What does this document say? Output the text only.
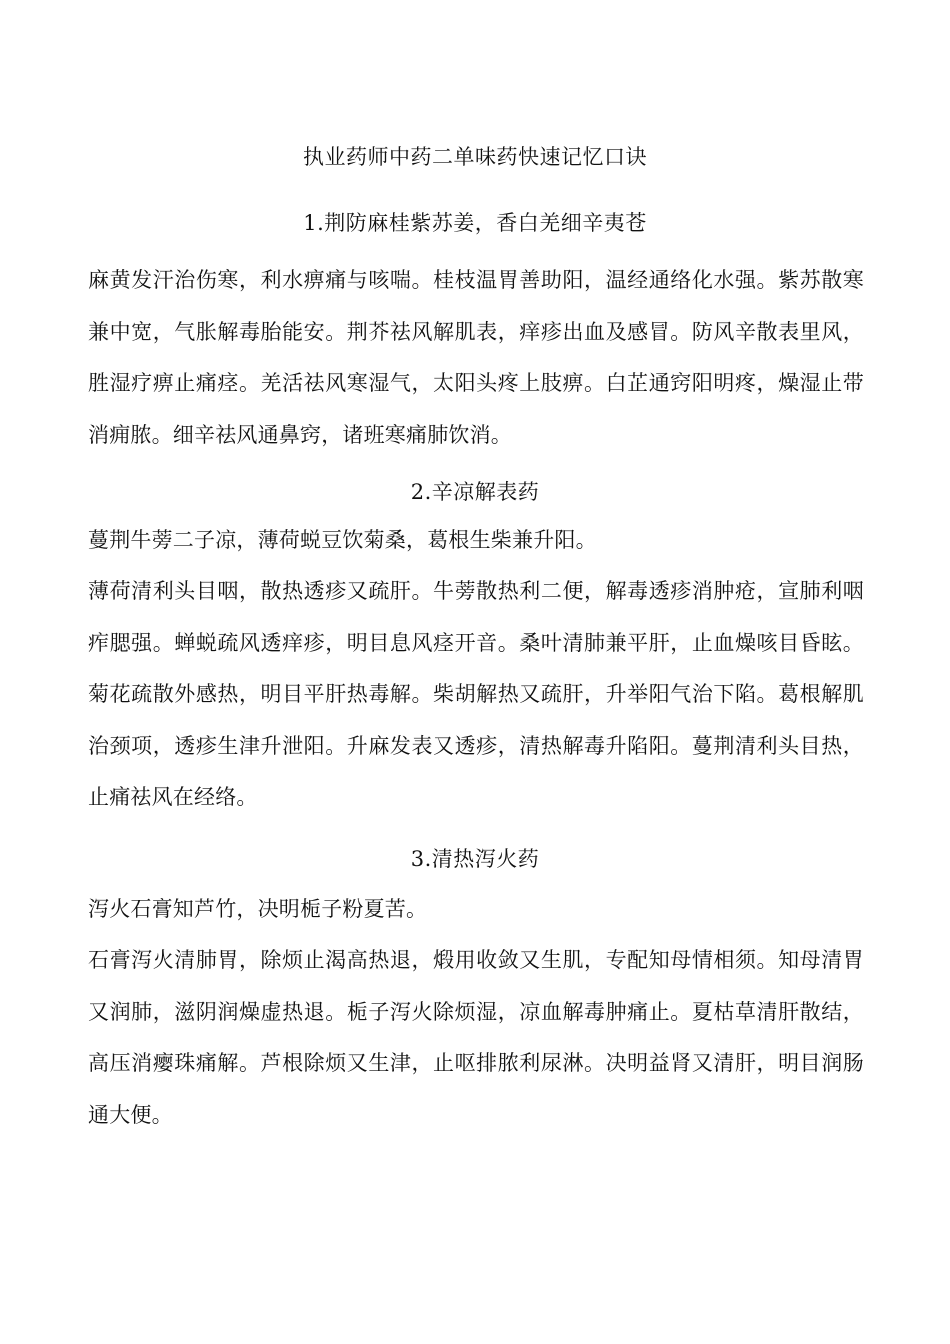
执业药师中药二单味药快速记忆口诀
1.荆防麻桂紫苏姜，香白羌细辛夷苍

麻黄发汗治伤寒，利水痹痛与咳喘。桂枝温胃善助阳，温经通络化水强。紫苏散寒兼中宽，气胀解毒胎能安。荆芥祛风解肌表，痒疹出血及感冒。防风辛散表里风，胜湿疗痹止痛痉。羌活祛风寒湿气，太阳头疼上肢痹。白芷通窍阳明疼，燥湿止带消痈脓。细辛祛风通鼻窍，诸班寒痛肺饮消。

2.辛凉解表药

蔓荆牛蒡二子凉，薄荷蜕豆饮菊桑，葛根生柴兼升阳。

薄荷清利头目咽，散热透疹又疏肝。牛蒡散热利二便，解毒透疹消肿疮，宣肺利咽痄腮强。蝉蜕疏风透痒疹，明目息风痉开音。桑叶清肺兼平肝，止血燥咳目昏眩。菊花疏散外感热，明目平肝热毒解。柴胡解热又疏肝，升举阳气治下陷。葛根解肌治颈项，透疹生津升泄阳。升麻发表又透疹，清热解毒升陷阳。蔓荆清利头目热，止痛祛风在经络。

3.清热泻火药

泻火石膏知芦竹，决明栀子粉夏苦。

石膏泻火清肺胃，除烦止渴高热退，煅用收敛又生肌，专配知母情相须。知母清胃又润肺，滋阴润燥虚热退。栀子泻火除烦湿，凉血解毒肿痛止。夏枯草清肝散结，高压消瘿珠痛解。芦根除烦又生津，止呕排脓利尿淋。决明益肾又清肝，明目润肠通大便。
